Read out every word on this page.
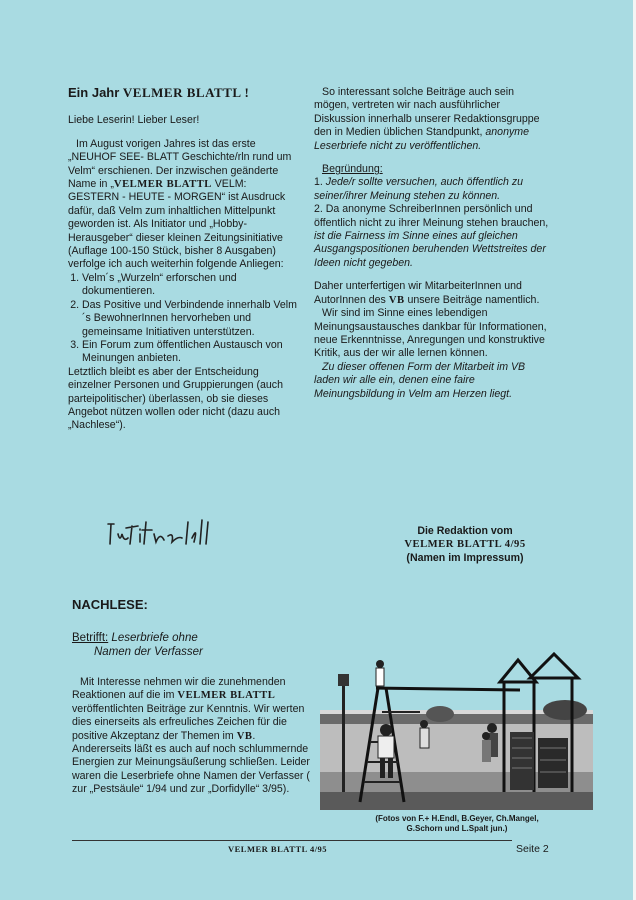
Ein Jahr VELMER BLATTL !

Liebe Leserin! Lieber Leser!

Im August vorigen Jahres ist das erste „NEUHOF SEE- BLATT Geschichte/rln rund um Velm“ erschienen. Der inzwischen geänderte Name in „VELMER BLATTL VELM: GESTERN - HEUTE - MORGEN“ ist Ausdruck dafür, daß Velm zum inhaltlichen Mittelpunkt geworden ist. Als Initiator und „Hobby-Herausgeber“ dieser kleinen Zeitungsinitiative (Auflage 100-150 Stück, bisher 8 Ausgaben) verfolge ich auch weiterhin folgende Anliegen:

1. Velm´s „Wurzeln“ erforschen und dokumentieren.
2. Das Positive und Verbindende innerhalb Velm´s BewohnerInnen hervorheben und gemeinsame Initiativen unterstützen.
3. Ein Forum zum öffentlichen Austausch von Meinungen anbieten.

Letztlich bleibt es aber der Entscheidung einzelner Personen und Gruppierungen (auch parteipolitischer) überlassen, ob sie dieses Angebot nützen wollen oder nicht (dazu auch „Nachlese“).

So interessant solche Beiträge auch sein mögen, vertreten wir nach ausführlicher Diskussion innerhalb unserer Redaktionsgruppe den in Medien üblichen Standpunkt, anonyme Leserbriefe nicht zu veröffentlichen.

Begründung:

1. Jede/r sollte versuchen, auch öffentlich zu seiner/ihrer Meinung stehen zu können.

2. Da anonyme SchreiberInnen persönlich und öffentlich nicht zu ihrer Meinung stehen brauchen, ist die Fairness im Sinne eines auf gleichen Ausgangspositionen beruhenden Wettstreites der Ideen nicht gegeben.

Daher unterfertigen wir MitarbeiterInnen und AutorInnen des VB unsere Beiträge namentlich.

Wir sind im Sinne eines lebendigen Meinungsaustausches dankbar für Informationen, neue Erkenntnisse, Anregungen und konstruktive Kritik, aus der wir alle lernen können.

Zu dieser offenen Form der Mitarbeit im VB laden wir alle ein, denen eine faire Meinungsbildung in Velm am Herzen liegt.

Die Redaktion vom
VELMER BLATTL 4/95
(Namen im Impressum)
NACHLESE:
Betrifft: Leserbriefe ohne
Namen der Verfasser

Mit Interesse nehmen wir die zunehmenden Reaktionen auf die im VELMER BLATTL veröffentlichten Beiträge zur Kenntnis. Wir werten dies einerseits als erfreuliches Zeichen für die positive Akzeptanz der Themen im VB. Andererseits läßt es auch auf noch schlummernde Energien zur Meinungsäußerung schließen. Leider waren die Leserbriefe ohne Namen der Verfasser ( zur „Pestsäule“ 1/94 und zur „Dorfidylle“ 3/95).

(Fotos von F.+ H.Endl, B.Geyer, Ch.Mangel,
G.Schorn und L.Spalt jun.)
VELMER BLATTL 4/95	Seite 2
